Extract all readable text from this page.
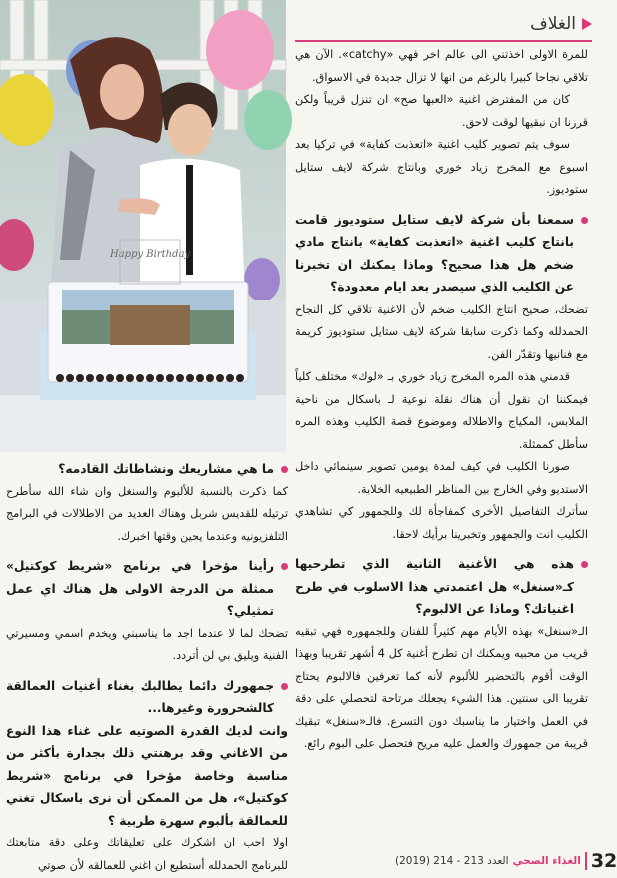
الغلاف
Happy Birthday

للمرة الاولى اخذتني الى عالم اخر فهي «catchy». الآن هي تلاقي نجاحا كبيرا بالرغم من انها لا تزال جديدة في الاسواق.

كان من المفترض اغنية «العبها صح» ان تنزل قريباً ولكن قررنا ان نبقيها لوقت لاحق.

سوف يتم تصوير كليب اغنية «اتعذبت كفاية» في تركيا بعد اسبوع مع المخرج زياد خوري وبانتاج شركة لايف ستايل ستوديوز.

سمعنا بأن شركة لايف ستايل ستوديوز قامت بانتاج كليب اغنية «اتعذبت كفاية» بانتاج مادي ضخم هل هذا صحيح؟ وماذا يمكنك ان تخبرنا عن الكليب الذي سيصدر بعد ايام معدودة؟

تضحك، صحيح انتاج الكليب ضخم لأن الاغنية تلاقي كل النجاح الحمدلله وكما ذكرت سابقا شركة لايف ستايل ستوديوز كريمة مع فنانيها وتقدّر الفن.

قدمني هذه المره المخرج زياد خوري بـ «لوك» مختلف كلياً فيمكننا ان نقول أن هناك نقلة نوعية لـ باسكال من ناحية الملابس، المكياج والاطلاله وموضوع قصة الكليب وهذه المره سأطل كممثلة.

صورنا الكليب في كيف لمدة يومين تصوير سينمائي داخل الاستديو وفي الخارج بين المناظر الطبيعيه الخلابة.

سأترك التفاصيل الأخرى كمفاجأة لك وللجمهور كي تشاهدي الكليب انت والجمهور وتخبرينا برأيك لاحقا.

هذه هي الأغنية الثانية الذي تطرحيها كـ«سنغل» هل اعتمدتي هذا الاسلوب في طرح اغنياتك؟ وماذا عن الالبوم؟

الـ«سنغل» بهذه الأيام مهم كثيراً للفنان وللجمهوره فهي تبقيه قريب من محبيه ويمكنك ان تطرح أغنية كل 4 أشهر تقريبا وبهذا الوقت أقوم بالتحضير للألبوم لأنه كما تعرفين فالالبوم يحتاج تقريبا الى سنتين. هذا الشيء يجعلك مرتاحة لتحصلي على دقة في العمل واختيار ما يناسبك دون التسرع. فالـ«سنغل» تبقيك قريبة من جمهورك والعمل عليه مريح فتحصل على البوم رائع.

ما هي مشاريعك ونشاطاتك القادمه؟

كما ذكرت بالنسبة للألبوم والسنغل وان شاء الله سأطرح ترتيله للقديس شربل وهناك العديد من الاطلالات في البرامج التلفزيونيه وعندما يحين وقتها اخبرك.

رأينا مؤخرا في برنامج «شريط كوكتيل» ممثلة من الدرجة الاولى هل هناك اي عمل تمثيلي؟

تضحك لما لا عندما اجد ما يناسبني ويخدم اسمي ومسيرتي الفنية ويليق بي لن أتردد.

جمهورك دائما يطالبك بغناء أغنيات العمالقة كالشحرورة وغيرها...

وانت لديك القدرة الصوتيه على غناء هذا النوع من الاغاني وقد برهنتي ذلك بجدارة بأكثر من مناسبة وخاصة مؤخرا في برنامج «شريط كوكتيل»، هل من الممكن أن نرى باسكال تغني للعمالقة بألبوم سهرة طربية ؟

اولا احب ان اشكرك على تعليقاتك وعلى دقة متابعتك للبرنامج الحمدلله أستطيع ان اغني للعمالقه لأن صوتي	32
الغذاء الصحي
العدد 213 - 214 (2019)
